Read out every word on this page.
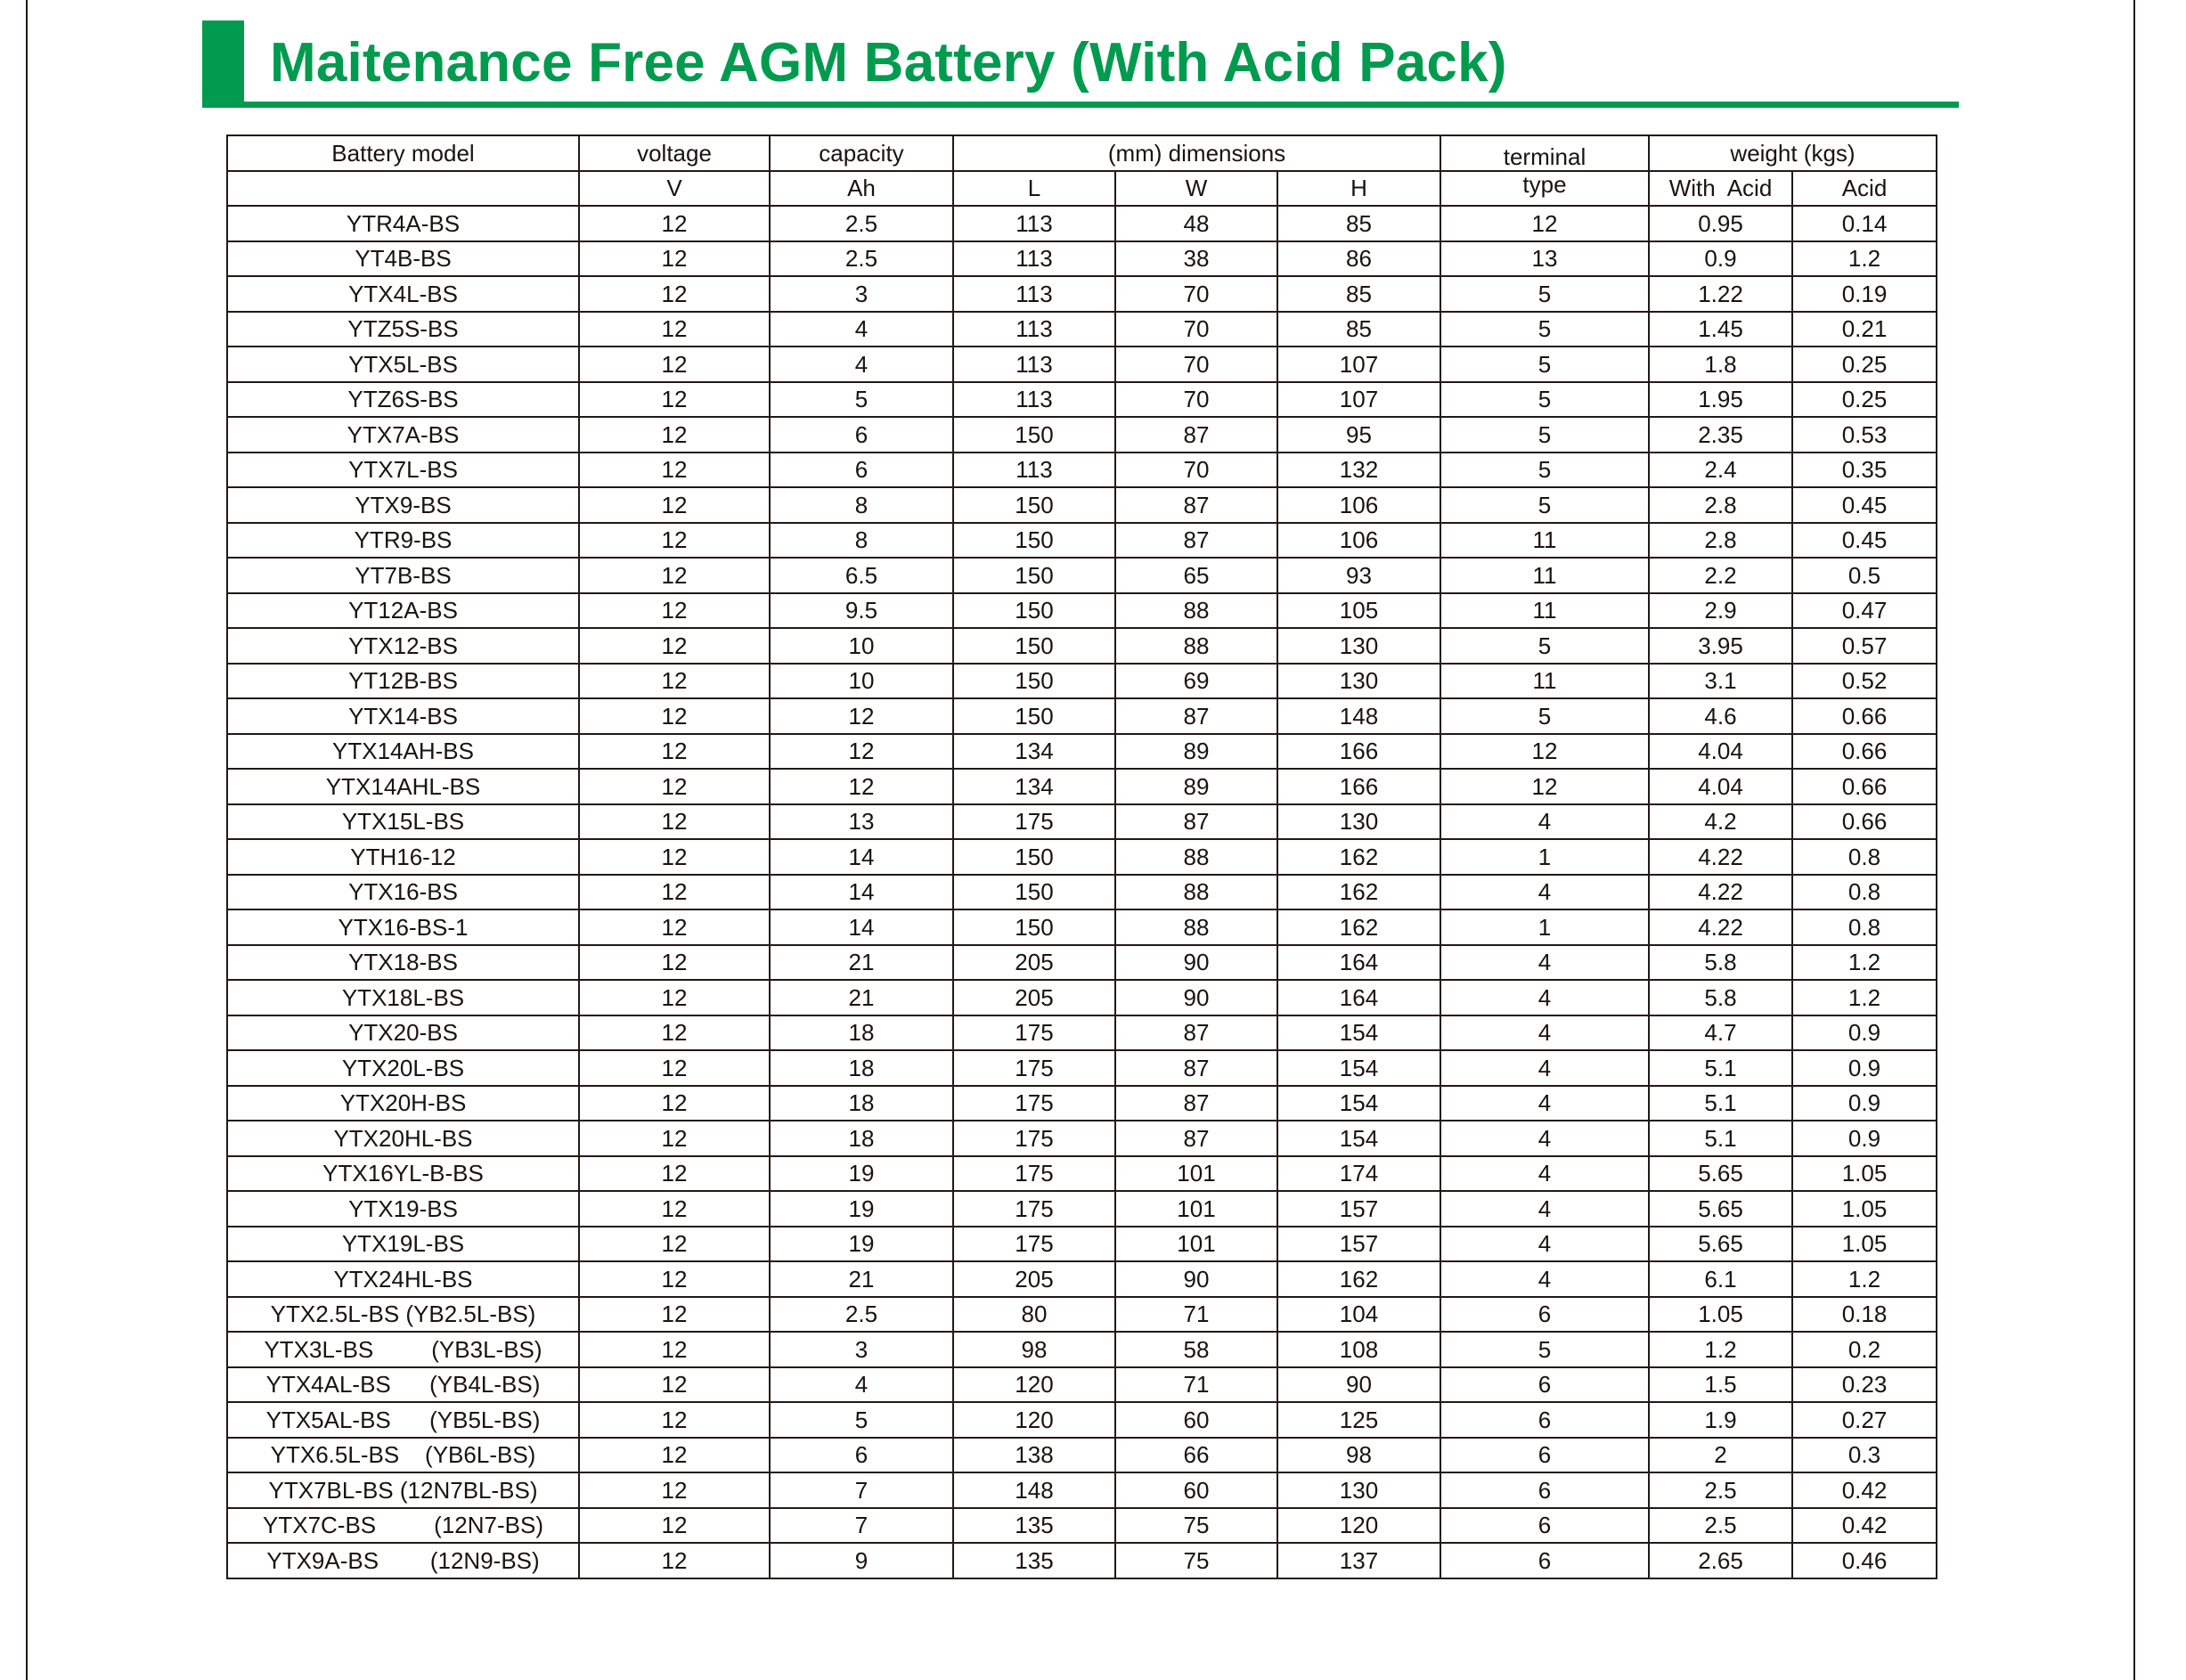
Maitenance Free AGM Battery (With Acid Pack)
Battery model	voltage	capacity	(mm) dimensions			terminal	weight (kgs)	
	V	Ah	L	W	H	type	With  Acid	Acid
YTR4A-BS	12	2.5	113	48	85	12	0.95	0.14
YT4B-BS	12	2.5	113	38	86	13	0.9	1.2
YTX4L-BS	12	3	113	70	85	5	1.22	0.19
YTZ5S-BS	12	4	113	70	85	5	1.45	0.21
YTX5L-BS	12	4	113	70	107	5	1.8	0.25
YTZ6S-BS	12	5	113	70	107	5	1.95	0.25
YTX7A-BS	12	6	150	87	95	5	2.35	0.53
YTX7L-BS	12	6	113	70	132	5	2.4	0.35
YTX9-BS	12	8	150	87	106	5	2.8	0.45
YTR9-BS	12	8	150	87	106	11	2.8	0.45
YT7B-BS	12	6.5	150	65	93	11	2.2	0.5
YT12A-BS	12	9.5	150	88	105	11	2.9	0.47
YTX12-BS	12	10	150	88	130	5	3.95	0.57
YT12B-BS	12	10	150	69	130	11	3.1	0.52
YTX14-BS	12	12	150	87	148	5	4.6	0.66
YTX14AH-BS	12	12	134	89	166	12	4.04	0.66
YTX14AHL-BS	12	12	134	89	166	12	4.04	0.66
YTX15L-BS	12	13	175	87	130	4	4.2	0.66
YTH16-12	12	14	150	88	162	1	4.22	0.8
YTX16-BS	12	14	150	88	162	4	4.22	0.8
YTX16-BS-1	12	14	150	88	162	1	4.22	0.8
YTX18-BS	12	21	205	90	164	4	5.8	1.2
YTX18L-BS	12	21	205	90	164	4	5.8	1.2
YTX20-BS	12	18	175	87	154	4	4.7	0.9
YTX20L-BS	12	18	175	87	154	4	5.1	0.9
YTX20H-BS	12	18	175	87	154	4	5.1	0.9
YTX20HL-BS	12	18	175	87	154	4	5.1	0.9
YTX16YL-B-BS	12	19	175	101	174	4	5.65	1.05
YTX19-BS	12	19	175	101	157	4	5.65	1.05
YTX19L-BS	12	19	175	101	157	4	5.65	1.05
YTX24HL-BS	12	21	205	90	162	4	6.1	1.2
YTX2.5L-BS (YB2.5L-BS)	12	2.5	80	71	104	6	1.05	0.18
YTX3L-BS         (YB3L-BS)	12	3	98	58	108	5	1.2	0.2
YTX4AL-BS      (YB4L-BS)	12	4	120	71	90	6	1.5	0.23
YTX5AL-BS      (YB5L-BS)	12	5	120	60	125	6	1.9	0.27
YTX6.5L-BS    (YB6L-BS)	12	6	138	66	98	6	2	0.3
YTX7BL-BS (12N7BL-BS)	12	7	148	60	130	6	2.5	0.42
YTX7C-BS         (12N7-BS)	12	7	135	75	120	6	2.5	0.42
YTX9A-BS        (12N9-BS)	12	9	135	75	137	6	2.65	0.46
